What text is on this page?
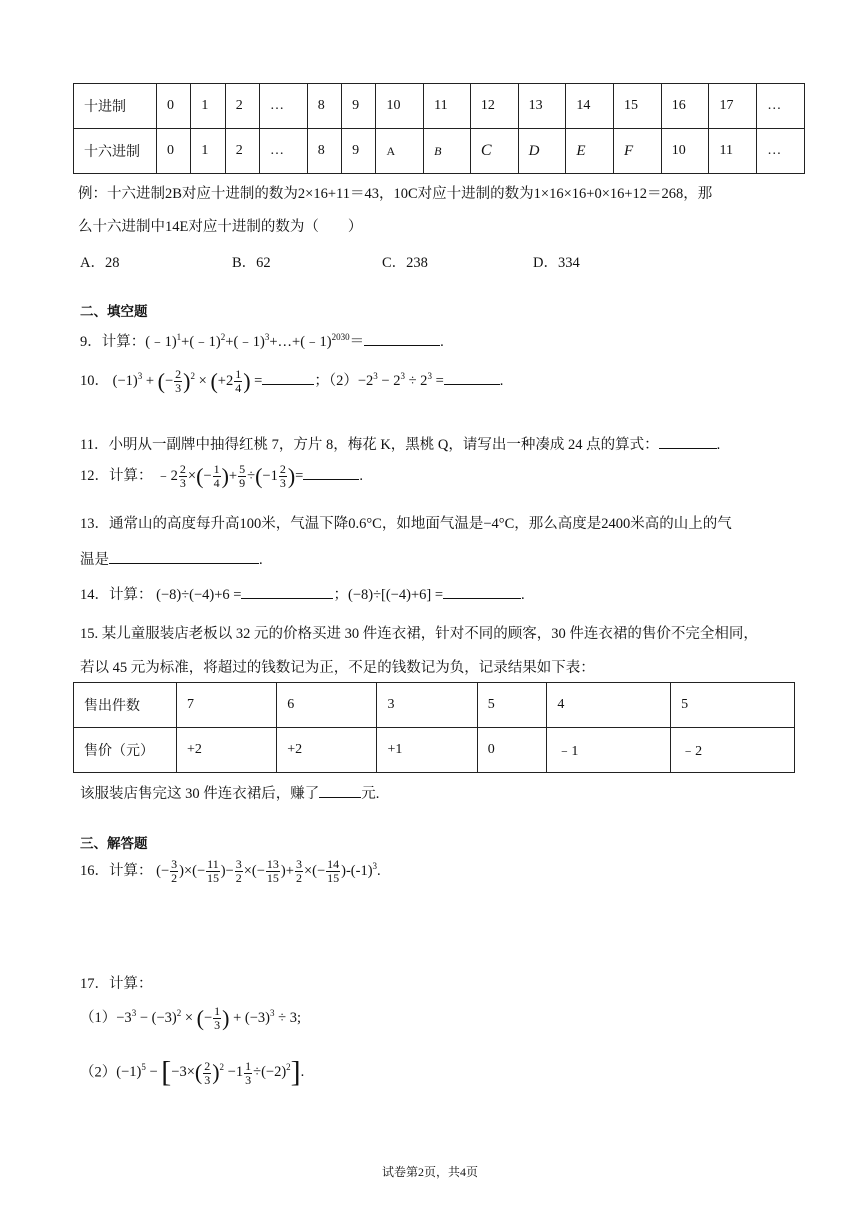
十进制	0	1	2	…	8	9	10	11	12	13	14	15	16	17	…
十六进制	0	1	2	…	8	9	A	B	C	D	E	F	10	11	…
例：十六进制2B对应十进制的数为2×16+11＝43，10C对应十进制的数为1×16×16+0×16+12＝268，那
么十六进制中14E对应十进制的数为（　　）
A．28	B．62	C．238	D．334
二、填空题
9．计算：(﹣1)$^1$+(﹣1)$^2$+(﹣1)$^3$+…+(﹣1)$^{2030}$＝	.
10． $(-1)^3$ + (− $\frac{2}{3} )^2 \times (+2 \frac{1}{4}$ ) =	；$(2)-2^3 - 2^3 \div 2^3$ =	.
11．小明从一副牌中抽得红桃 7，方片 8，梅花 K，黑桃 Q，请写出一种凑成 24 点的算式：	.
12．计算： ﹣2 $\frac{2}{3}$ ×(− $\frac{1}{4}$ )+ $\frac{5}{9} \div(-1 \frac{2}{3}$ )=	.
13．通常山的高度每升高100米，气温下降0.6°C，如地面气温是−4°C，那么高度是2400米高的山上的气
温是	.
14．计算： (−8)÷(−4)+6 =	；(−8)÷[(−4)+6] =	.
15. 某儿童服装店老板以 32 元的价格买进 30 件连衣裙，针对不同的顾客，30 件连衣裙的售价不完全相同，
若以 45 元为标准，将超过的钱数记为正，不足的钱数记为负，记录结果如下表：
售出件数	7	6	3	5	4	5
售价（元）	+2	+2	+1	0	﹣1	﹣2
该服装店售完这 30 件连衣裙后，赚了	元.
三、解答题
16．计算： (− $\frac{3}{2}$ )×(− $\frac{11}{15}$ )− $\frac{3}{2}$ ×(− $\frac{13}{15}$ )+ $\frac{3}{2}$ ×(− $\frac{14}{15} )-(-1)^3$.
17．计算：
$(1)-3^3 - (-3)^2$ × (− $\frac{1}{3}$ ) + $(-3)^3 \div 3$;
$(2)(-1)^5 - [-3\times( \frac{2}{3} )^2 -1 \frac{1}{3} \div(-2)^2]$.
试卷第2页，共4页
